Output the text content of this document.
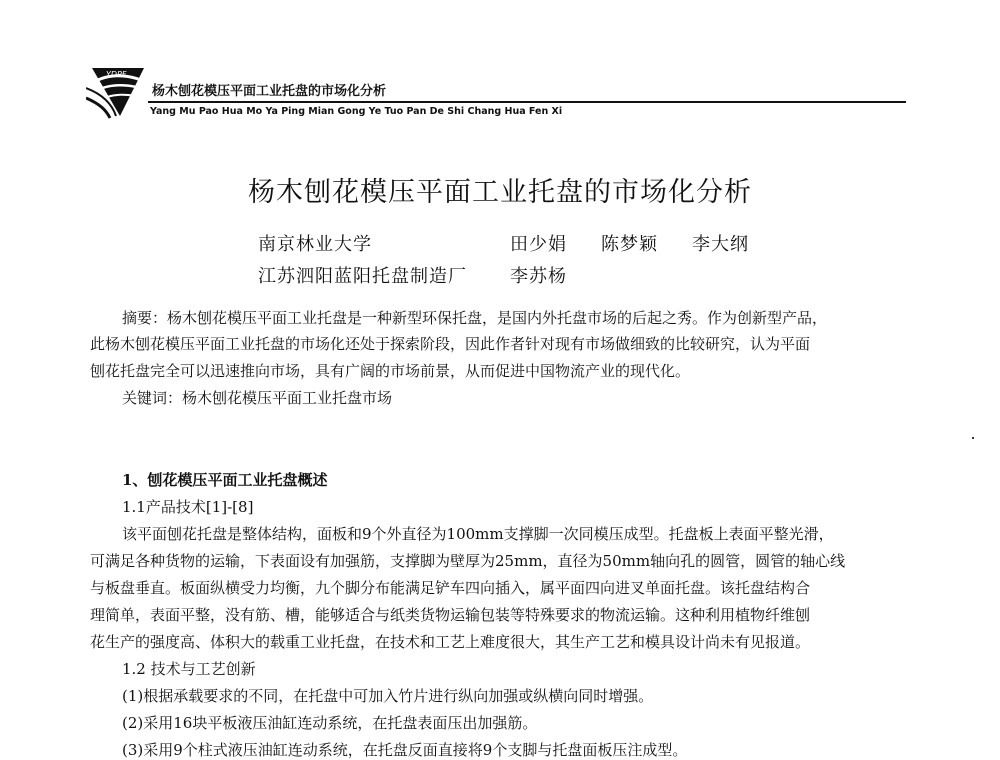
YDPF
杨木刨花模压平面工业托盘的市场化分析
Yang Mu Pao Hua Mo Ya Ping Mian Gong Ye Tuo Pan De Shi Chang Hua Fen Xi
杨木刨花模压平面工业托盘的市场化分析
南京林业大学	田少娟 陈梦颖 李大纲
江苏泗阳蓝阳托盘制造厂 李苏杨
摘要：杨木刨花模压平面工业托盘是一种新型环保托盘，是国内外托盘市场的后起之秀。作为创新型产品，
此杨木刨花模压平面工业托盘的市场化还处于探索阶段，因此作者针对现有市场做细致的比较研究，认为平面
刨花托盘完全可以迅速推向市场，具有广阔的市场前景，从而促进中国物流产业的现代化。
关键词：杨木刨花模压平面工业托盘市场
1、刨花模压平面工业托盘概述
1.1产品技术[1]-[8]
该平面刨花托盘是整体结构，面板和9个外直径为100mm支撑脚一次同模压成型。托盘板上表面平整光滑，
可满足各种货物的运输，下表面设有加强筋，支撑脚为壁厚为25mm，直径为50mm轴向孔的圆管，圆管的轴心线
与板盘垂直。板面纵横受力均衡，九个脚分布能满足铲车四向插入，属平面四向进叉单面托盘。该托盘结构合
理简单，表面平整，没有筋、槽，能够适合与纸类货物运输包装等特殊要求的物流运输。这种利用植物纤维刨
花生产的强度高、体积大的载重工业托盘，在技术和工艺上难度很大，其生产工艺和模具设计尚未有见报道。
1.2 技术与工艺创新
(1)根据承载要求的不同，在托盘中可加入竹片进行纵向加强或纵横向同时增强。
(2)采用16块平板液压油缸连动系统，在托盘表面压出加强筋。
(3)采用9个柱式液压油缸连动系统，在托盘反面直接将9个支脚与托盘面板压注成型。
